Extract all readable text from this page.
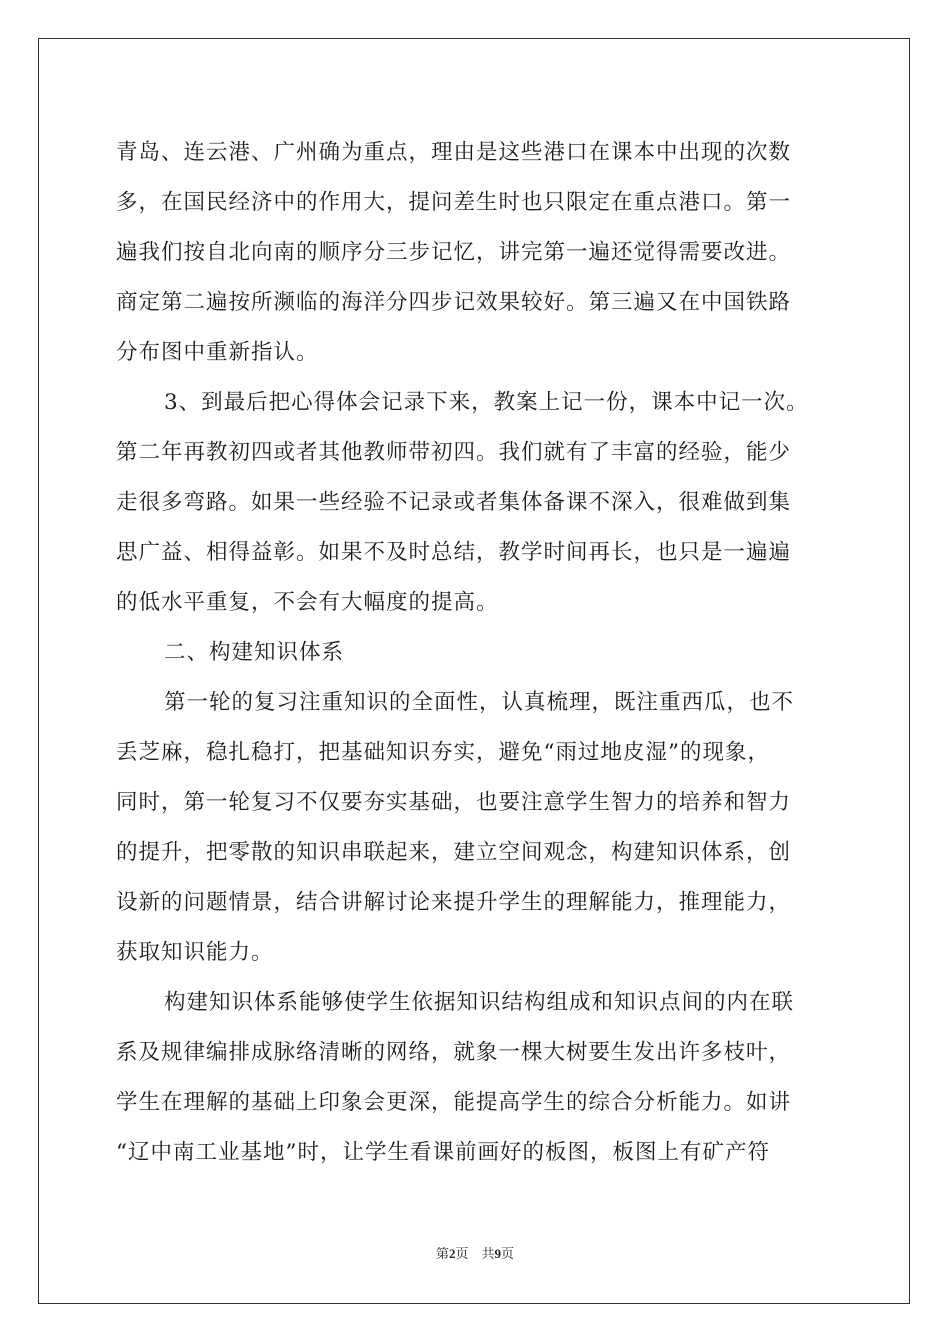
青岛、连云港、广州确为重点，理由是这些港口在课本中出现的次数
多，在国民经济中的作用大，提问差生时也只限定在重点港口。第一
遍我们按自北向南的顺序分三步记忆，讲完第一遍还觉得需要改进。
商定第二遍按所濒临的海洋分四步记效果较好。第三遍又在中国铁路
分布图中重新指认。
3、到最后把心得体会记录下来，教案上记一份，课本中记一次。
第二年再教初四或者其他教师带初四。我们就有了丰富的经验，能少
走很多弯路。如果一些经验不记录或者集体备课不深入，很难做到集
思广益、相得益彰。如果不及时总结，教学时间再长，也只是一遍遍
的低水平重复，不会有大幅度的提高。
二、构建知识体系
第一轮的复习注重知识的全面性，认真梳理，既注重西瓜，也不
丢芝麻，稳扎稳打，把基础知识夯实，避免“雨过地皮湿”的现象，
同时，第一轮复习不仅要夯实基础，也要注意学生智力的培养和智力
的提升，把零散的知识串联起来，建立空间观念，构建知识体系，创
设新的问题情景，结合讲解讨论来提升学生的理解能力，推理能力，
获取知识能力。
构建知识体系能够使学生依据知识结构组成和知识点间的内在联
系及规律编排成脉络清晰的网络，就象一棵大树要生发出许多枝叶，
学生在理解的基础上印象会更深，能提高学生的综合分析能力。如讲
“辽中南工业基地”时，让学生看课前画好的板图，板图上有矿产符
第2页　共9页
